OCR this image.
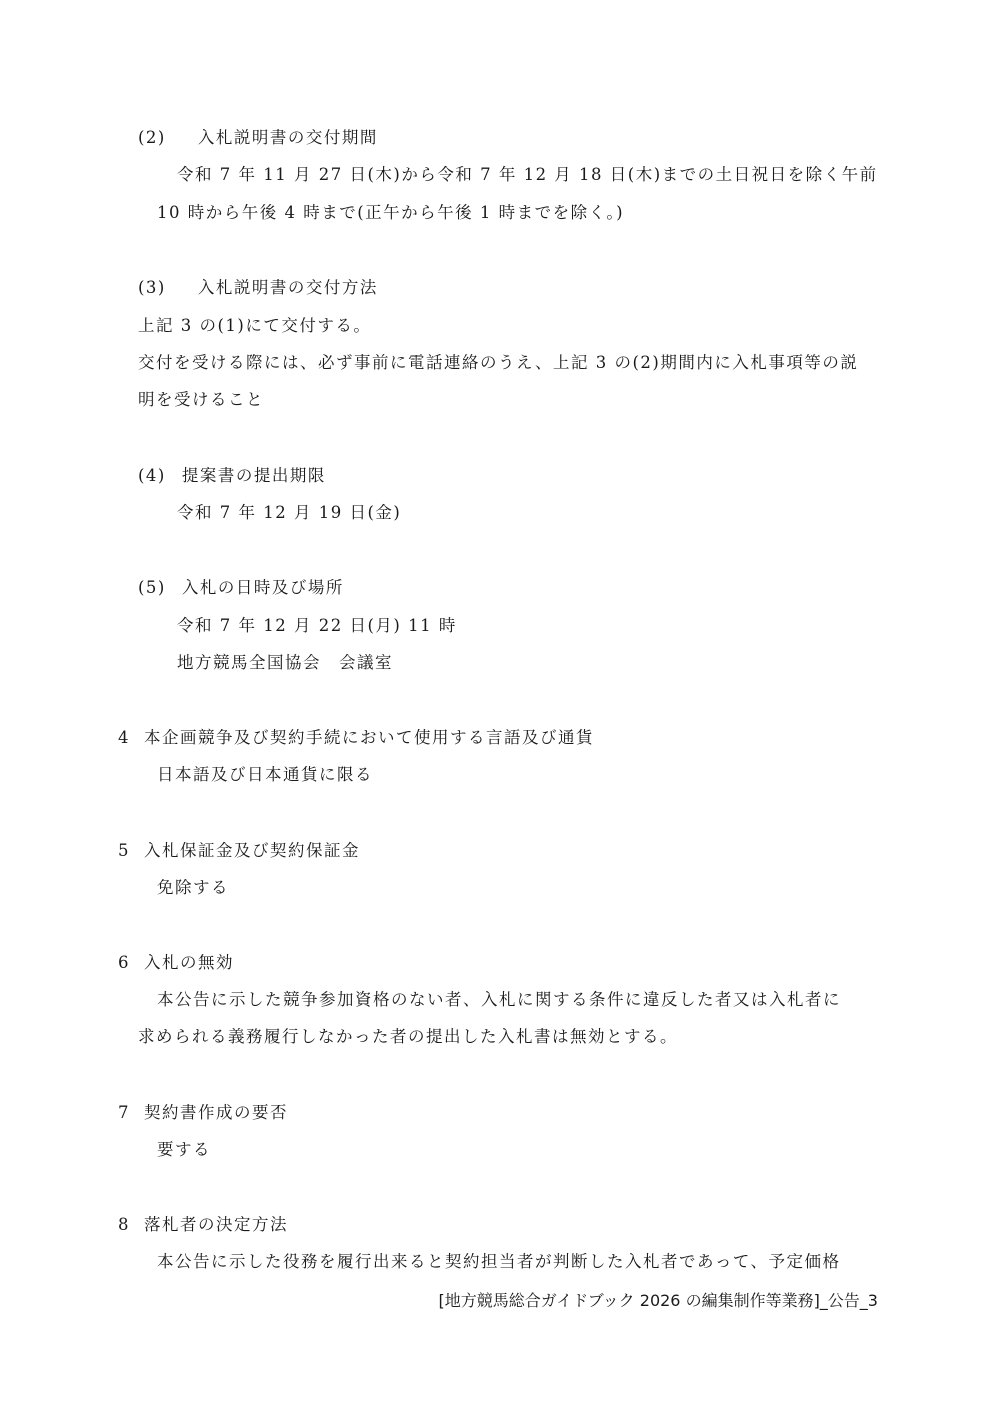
(2) 入札説明書の交付期間
令和 7 年 11 月 27 日(木)から令和 7 年 12 月 18 日(木)までの土日祝日を除く午前
10 時から午後 4 時まで(正午から午後 1 時までを除く。)
(3) 入札説明書の交付方法
上記 3 の(1)にて交付する。
交付を受ける際には、必ず事前に電話連絡のうえ、上記 3 の(2)期間内に入札事項等の説
明を受けること
(4) 提案書の提出期限
令和 7 年 12 月 19 日(金)
(5) 入札の日時及び場所
令和 7 年 12 月 22 日(月) 11 時
地方競馬全国協会　会議室
4 本企画競争及び契約手続において使用する言語及び通貨
日本語及び日本通貨に限る
5 入札保証金及び契約保証金
免除する
6 入札の無効
本公告に示した競争参加資格のない者、入札に関する条件に違反した者又は入札者に
求められる義務履行しなかった者の提出した入札書は無効とする。
7 契約書作成の要否
要する
8 落札者の決定方法
本公告に示した役務を履行出来ると契約担当者が判断した入札者であって、予定価格
[地方競馬総合ガイドブック 2026 の編集制作等業務]_公告_3
